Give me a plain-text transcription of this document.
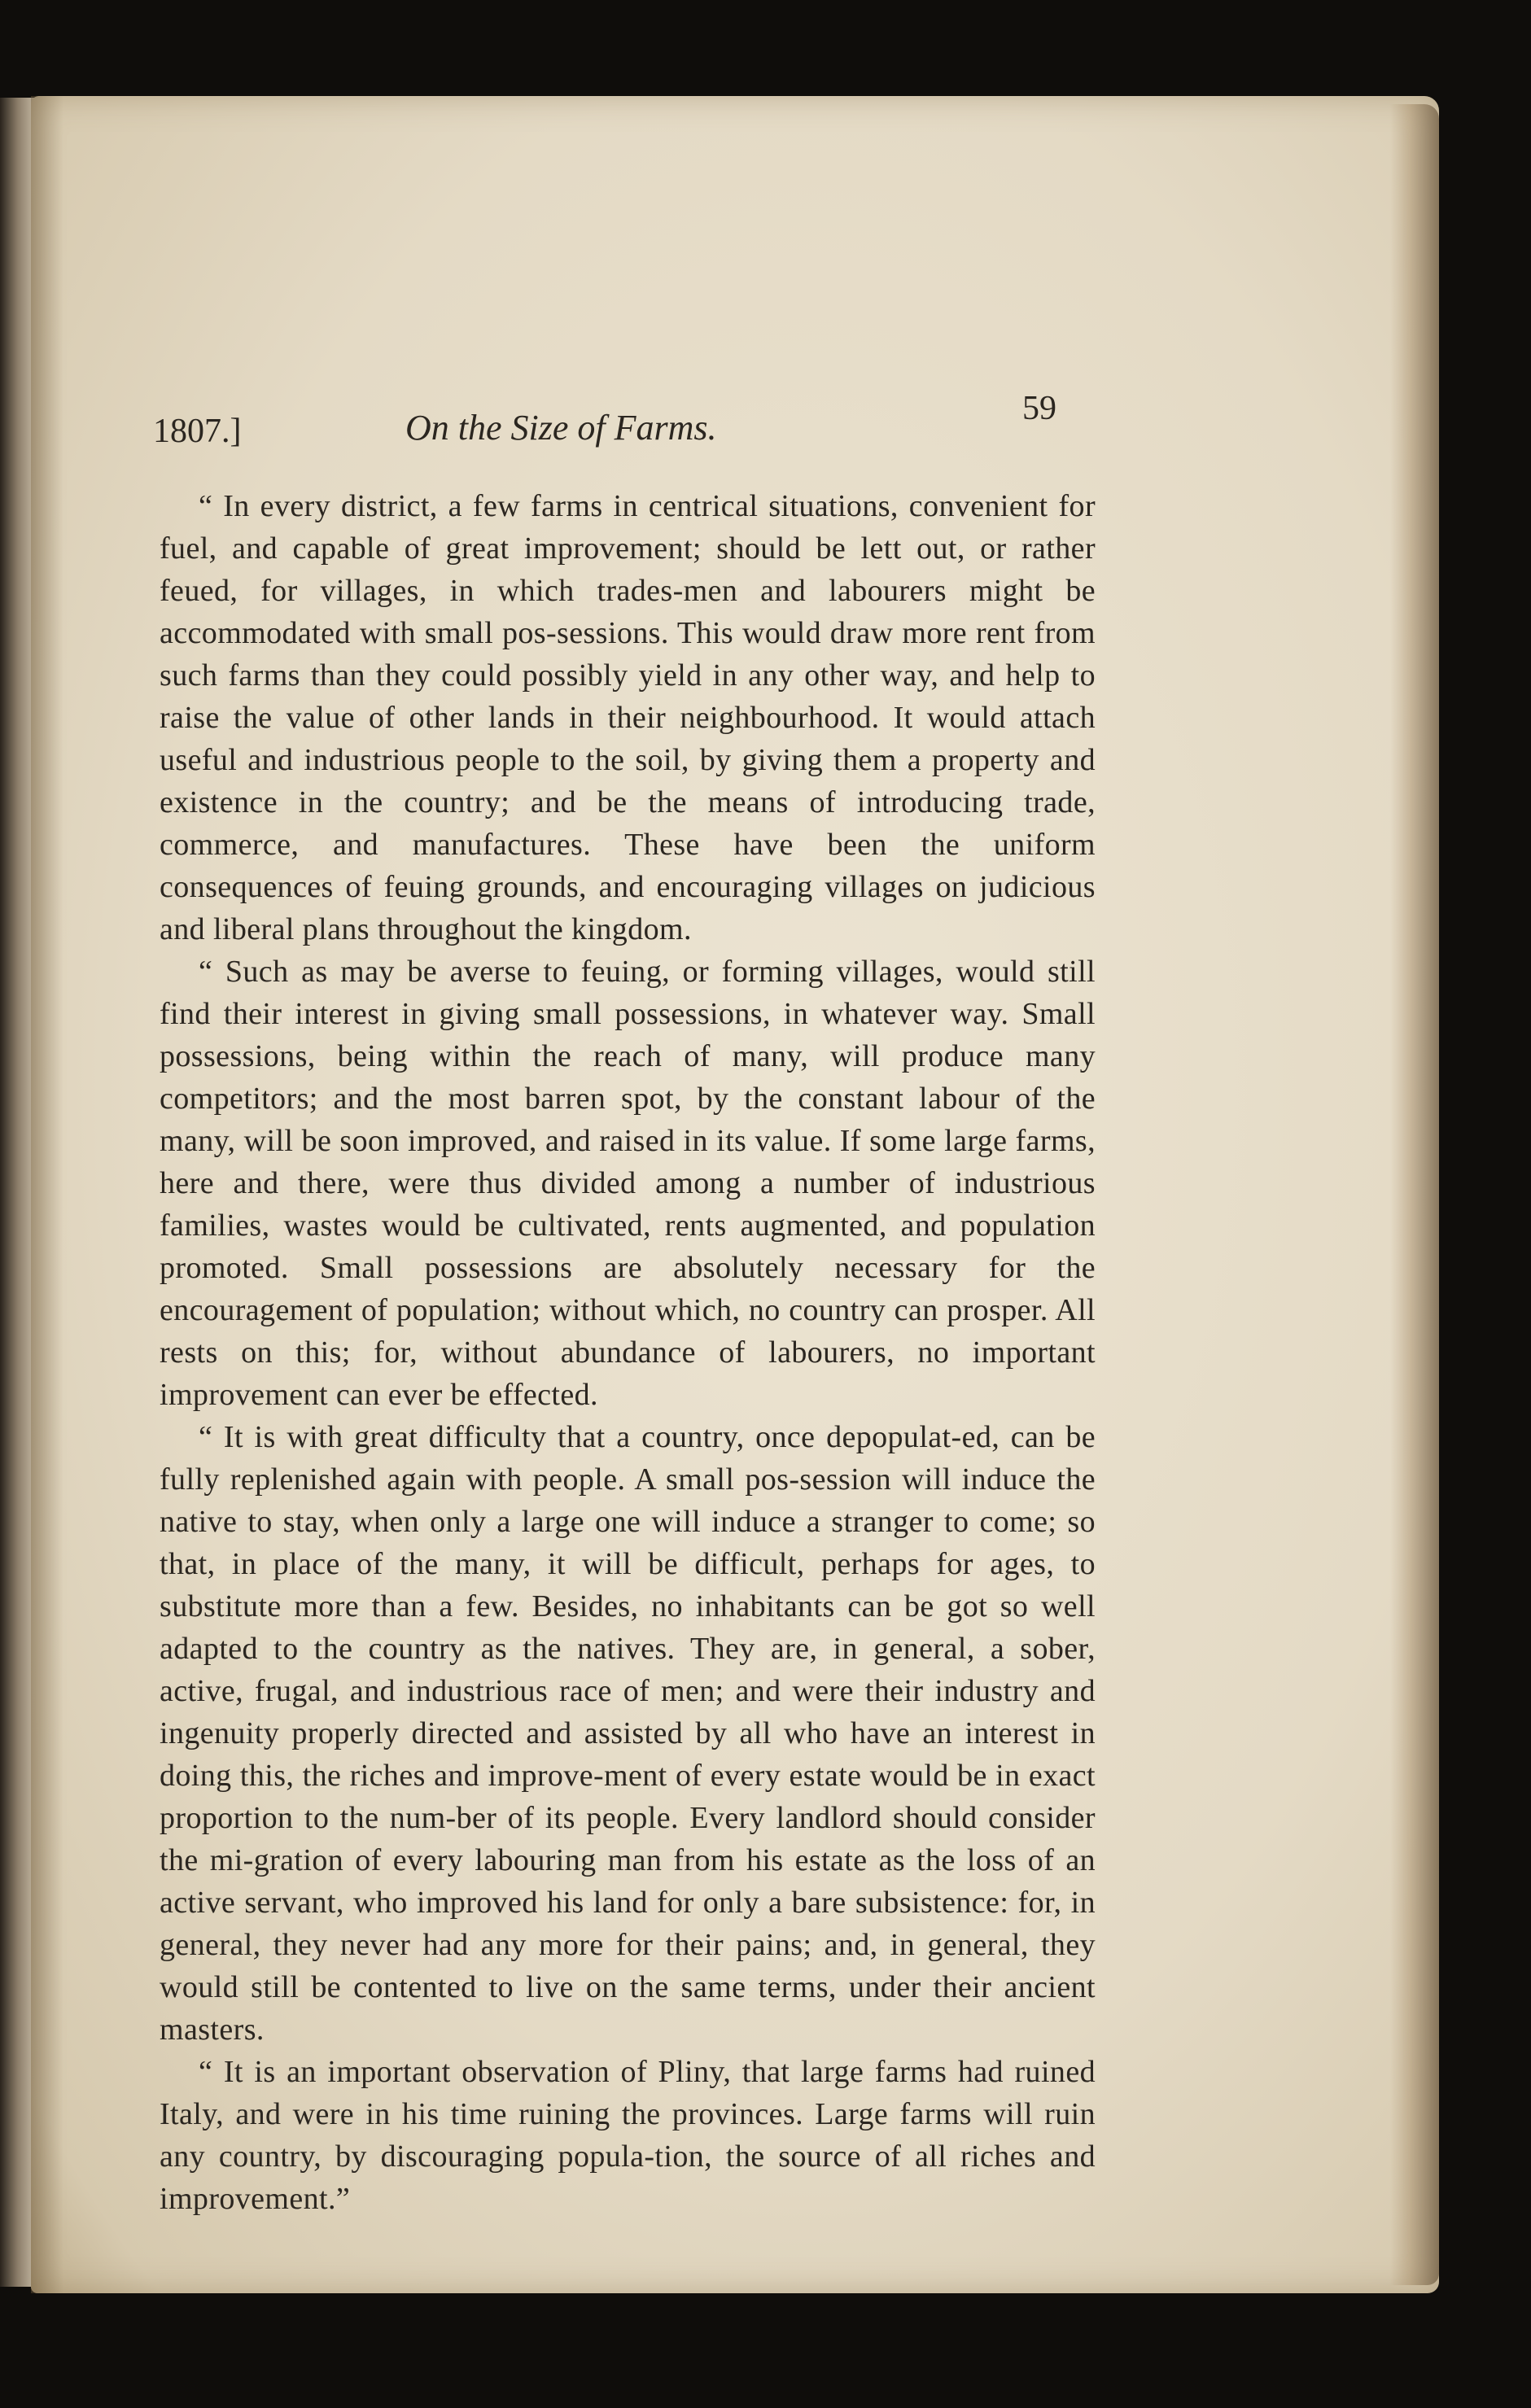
1807.]	On the Size of Farms.	59

“ In every district, a few farms in centrical situations, convenient for fuel, and capable of great improvement; should be lett out, or rather feued, for villages, in which trades-men and labourers might be accommodated with small pos-sessions. This would draw more rent from such farms than they could possibly yield in any other way, and help to raise the value of other lands in their neighbourhood. It would attach useful and industrious people to the soil, by giving them a property and existence in the country; and be the means of introducing trade, commerce, and manufactures. These have been the uniform consequences of feuing grounds, and encouraging villages on judicious and liberal plans throughout the kingdom.

“ Such as may be averse to feuing, or forming villages, would still find their interest in giving small possessions, in whatever way. Small possessions, being within the reach of many, will produce many competitors; and the most barren spot, by the constant labour of the many, will be soon improved, and raised in its value. If some large farms, here and there, were thus divided among a number of industrious families, wastes would be cultivated, rents augmented, and population promoted. Small possessions are absolutely necessary for the encouragement of population; without which, no country can prosper. All rests on this; for, without abundance of labourers, no important improvement can ever be effected.

“ It is with great difficulty that a country, once depopulat-ed, can be fully replenished again with people. A small pos-session will induce the native to stay, when only a large one will induce a stranger to come; so that, in place of the many, it will be difficult, perhaps for ages, to substitute more than a few. Besides, no inhabitants can be got so well adapted to the country as the natives. They are, in general, a sober, active, frugal, and industrious race of men; and were their industry and ingenuity properly directed and assisted by all who have an interest in doing this, the riches and improve-ment of every estate would be in exact proportion to the num-ber of its people. Every landlord should consider the mi-gration of every labouring man from his estate as the loss of an active servant, who improved his land for only a bare subsistence: for, in general, they never had any more for their pains; and, in general, they would still be contented to live on the same terms, under their ancient masters.

“ It is an important observation of Pliny, that large farms had ruined Italy, and were in his time ruining the provinces. Large farms will ruin any country, by discouraging popula-tion, the source of all riches and improvement.”
